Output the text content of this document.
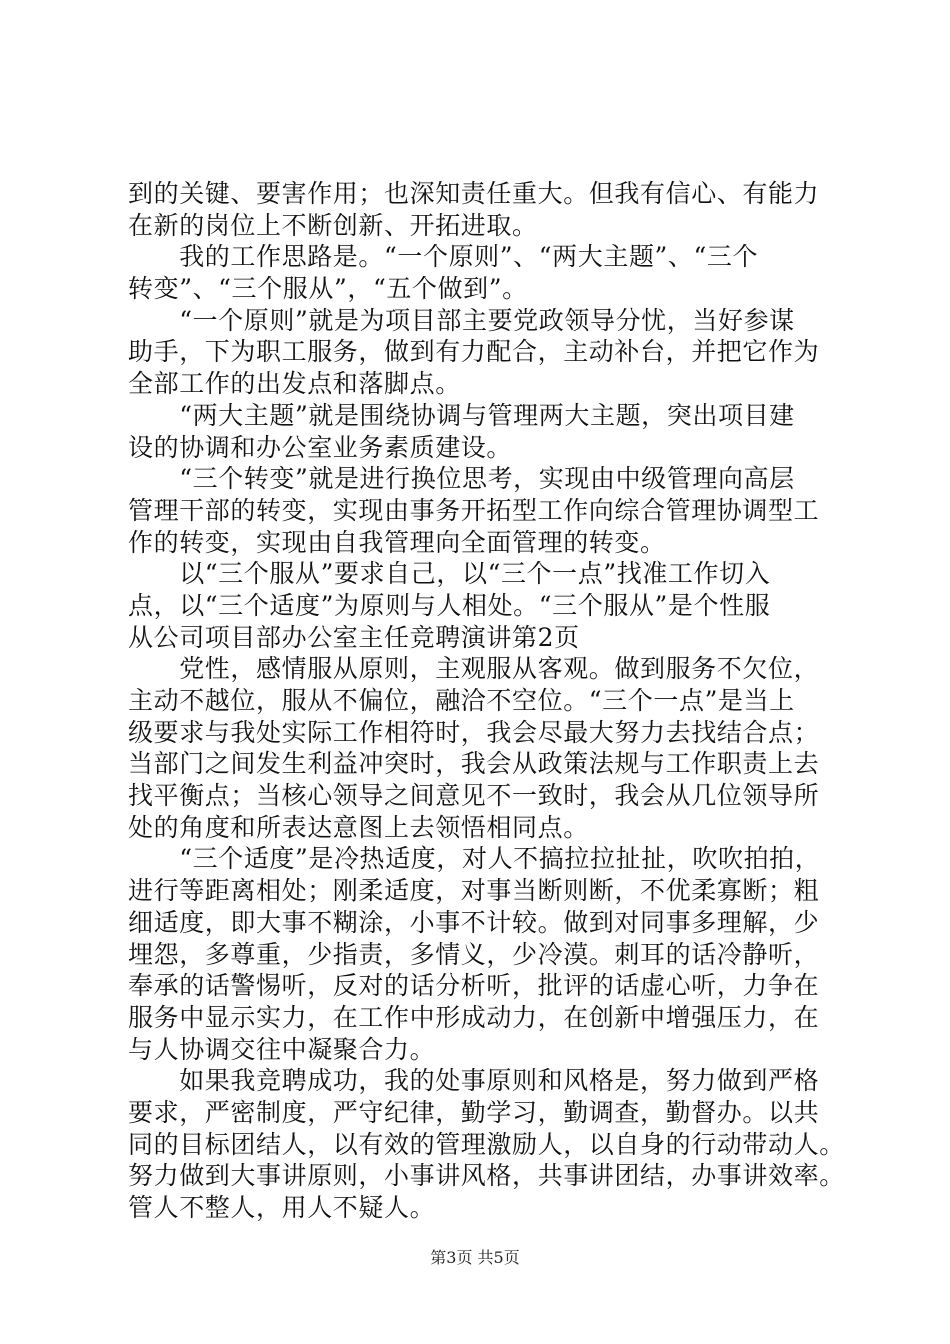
到的关键、要害作用；也深知责任重大。但我有信心、有能力
在新的岗位上不断创新、开拓进取。
　　我的工作思路是。“一个原则”、“两大主题”、“三个
转变”、“三个服从”，“五个做到”。
　　“一个原则”就是为项目部主要党政领导分忧，当好参谋
助手，下为职工服务，做到有力配合，主动补台，并把它作为
全部工作的出发点和落脚点。
　　“两大主题”就是围绕协调与管理两大主题，突出项目建
设的协调和办公室业务素质建设。
　　“三个转变”就是进行换位思考，实现由中级管理向高层
管理干部的转变，实现由事务开拓型工作向综合管理协调型工
作的转变，实现由自我管理向全面管理的转变。
　　以“三个服从”要求自己，以“三个一点”找准工作切入
点，以“三个适度”为原则与人相处。“三个服从”是个性服
从公司项目部办公室主任竞聘演讲第2页
　　党性，感情服从原则，主观服从客观。做到服务不欠位，
主动不越位，服从不偏位，融洽不空位。“三个一点”是当上
级要求与我处实际工作相符时，我会尽最大努力去找结合点；
当部门之间发生利益冲突时，我会从政策法规与工作职责上去
找平衡点；当核心领导之间意见不一致时，我会从几位领导所
处的角度和所表达意图上去领悟相同点。
　　“三个适度”是冷热适度，对人不搞拉拉扯扯，吹吹拍拍，
进行等距离相处；刚柔适度，对事当断则断，不优柔寡断；粗
细适度，即大事不糊涂，小事不计较。做到对同事多理解，少
埋怨，多尊重，少指责，多情义，少冷漠。刺耳的话冷静听，
奉承的话警惕听，反对的话分析听，批评的话虚心听，力争在
服务中显示实力，在工作中形成动力，在创新中增强压力，在
与人协调交往中凝聚合力。
　　如果我竞聘成功，我的处事原则和风格是，努力做到严格
要求，严密制度，严守纪律，勤学习，勤调查，勤督办。以共
同的目标团结人，以有效的管理激励人，以自身的行动带动人。
努力做到大事讲原则，小事讲风格，共事讲团结，办事讲效率。
管人不整人，用人不疑人。
第3页 共5页
